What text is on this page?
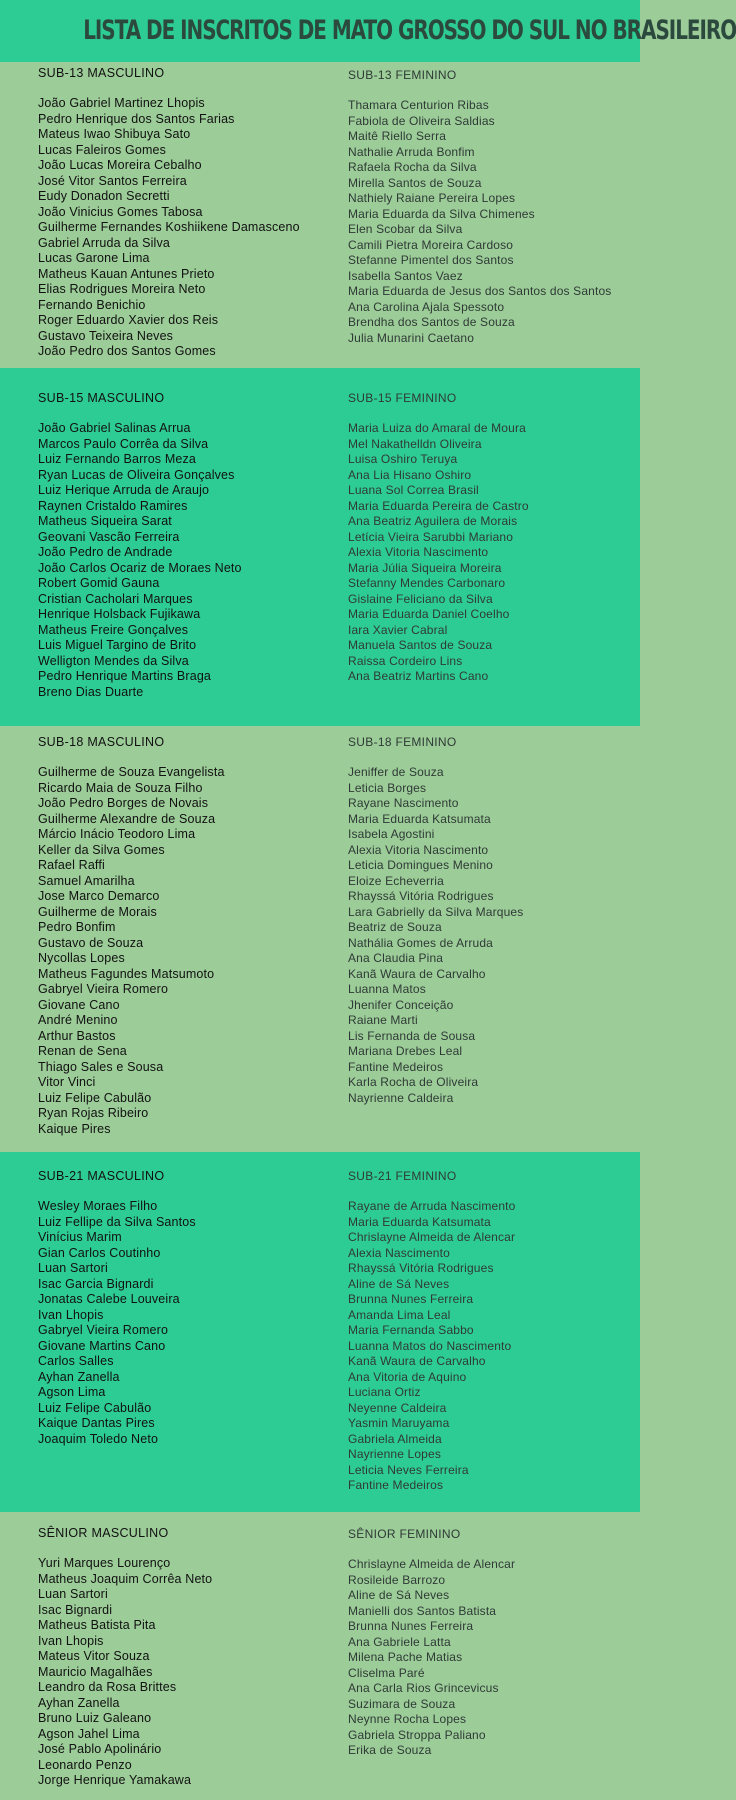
LISTA DE INSCRITOS DE MATO GROSSO DO SUL NO BRASILEIRO
SUB-13 MASCULINO
João Gabriel Martinez Lhopis
Pedro Henrique dos Santos Farias
Mateus Iwao Shibuya Sato
Lucas Faleiros Gomes
João Lucas Moreira Cebalho
José Vitor Santos Ferreira
Eudy Donadon Secretti
João Vinicius Gomes Tabosa
Guilherme Fernandes Koshiikene Damasceno
Gabriel Arruda da Silva
Lucas Garone Lima
Matheus Kauan Antunes Prieto
Elias Rodrigues Moreira Neto
Fernando Benichio
Roger Eduardo Xavier dos Reis
Gustavo Teixeira Neves
João Pedro dos Santos Gomes
SUB-13 FEMININO
Thamara Centurion Ribas
Fabiola de Oliveira Saldias
Maitê Riello Serra
Nathalie Arruda Bonfim
Rafaela Rocha da Silva
Mirella Santos de Souza
Nathiely Raiane Pereira Lopes
Maria Eduarda da Silva Chimenes
Elen Scobar da Silva
Camili Pietra Moreira Cardoso
Stefanne Pimentel dos Santos
Isabella Santos Vaez
Maria Eduarda de Jesus dos Santos dos Santos
Ana Carolina Ajala Spessoto
Brendha dos Santos de Souza
Julia Munarini Caetano
SUB-15 MASCULINO
João Gabriel Salinas Arrua
Marcos Paulo Corrêa da Silva
Luiz Fernando Barros Meza
Ryan Lucas de Oliveira Gonçalves
Luiz Herique Arruda de Araujo
Raynen Cristaldo Ramires
Matheus Siqueira Sarat
Geovani Vascão Ferreira
João Pedro de Andrade
João Carlos Ocariz de Moraes Neto
Robert Gomid Gauna
Cristian Cacholari Marques
Henrique Holsback Fujikawa
Matheus Freire Gonçalves
Luis Miguel Targino de Brito
Welligton Mendes da Silva
Pedro Henrique Martins Braga
Breno Dias Duarte
SUB-15 FEMININO
Maria Luiza do Amaral de Moura
Mel Nakathelldn Oliveira
Luisa Oshiro Teruya
Ana Lia Hisano Oshiro
Luana Sol Correa Brasil
Maria Eduarda Pereira de Castro
Ana Beatriz Aguilera de Morais
Letícia Vieira Sarubbi Mariano
Alexia Vitoria Nascimento
Maria Júlia Siqueira Moreira
Stefanny Mendes Carbonaro
Gislaine Feliciano da Silva
Maria Eduarda Daniel Coelho
Iara Xavier Cabral
Manuela Santos de Souza
Raissa Cordeiro Lins
Ana Beatriz Martins Cano
SUB-18 MASCULINO
Guilherme de Souza Evangelista
Ricardo Maia de Souza Filho
João Pedro Borges de Novais
Guilherme Alexandre de Souza
Márcio Inácio Teodoro Lima
Keller da Silva Gomes
Rafael Raffi
Samuel Amarilha
Jose Marco Demarco
Guilherme de Morais
Pedro Bonfim
Gustavo de Souza
Nycollas Lopes
Matheus Fagundes Matsumoto
Gabryel Vieira Romero
Giovane Cano
André Menino
Arthur Bastos
Renan de Sena
Thiago Sales e Sousa
Vitor Vinci
Luiz Felipe Cabulão
Ryan Rojas Ribeiro
Kaique Pires
SUB-18 FEMININO
Jeniffer de Souza
Leticia Borges
Rayane Nascimento
Maria Eduarda Katsumata
Isabela Agostini
Alexia Vitoria Nascimento
Leticia Domingues Menino
Eloize Echeverria
Rhayssá Vitória Rodrigues
Lara Gabrielly da Silva Marques
Beatriz de Souza
Nathália Gomes de Arruda
Ana Claudia Pina
Kanã Waura de Carvalho
Luanna Matos
Jhenifer Conceição
Raiane Marti
Lis Fernanda de Sousa
Mariana Drebes Leal
Fantine Medeiros
Karla Rocha de Oliveira
Nayrienne Caldeira
SUB-21 MASCULINO
Wesley Moraes Filho
Luiz Fellipe da Silva Santos
Vinícius Marim
Gian Carlos Coutinho
Luan Sartori
Isac Garcia Bignardi
Jonatas Calebe Louveira
Ivan Lhopis
Gabryel Vieira Romero
Giovane Martins Cano
Carlos Salles
Ayhan Zanella
Agson Lima
Luiz Felipe Cabulão
Kaique Dantas Pires
Joaquim Toledo Neto
SUB-21 FEMININO
Rayane de Arruda Nascimento
Maria Eduarda Katsumata
Chrislayne Almeida de Alencar
Alexia Nascimento
Rhayssá Vitória Rodrigues
Aline de Sá Neves
Brunna Nunes Ferreira
Amanda Lima Leal
Maria Fernanda Sabbo
Luanna Matos do Nascimento
Kanã Waura de Carvalho
Ana Vitoria de Aquino
Luciana Ortiz
Neyenne Caldeira
Yasmin Maruyama
Gabriela Almeida
Nayrienne Lopes
Leticia Neves Ferreira
Fantine Medeiros
SÊNIOR MASCULINO
Yuri Marques Lourenço
Matheus Joaquim Corrêa Neto
Luan Sartori
Isac Bignardi
Matheus Batista Pita
Ivan Lhopis
Mateus Vitor Souza
Mauricio Magalhães
Leandro da Rosa Brittes
Ayhan Zanella
Bruno Luiz Galeano
Agson Jahel Lima
José Pablo Apolinário
Leonardo Penzo
Jorge Henrique Yamakawa
SÊNIOR FEMININO
Chrislayne Almeida de Alencar
Rosileide Barrozo
Aline de Sá Neves
Manielli dos Santos Batista
Brunna Nunes Ferreira
Ana Gabriele Latta
Milena Pache Matias
Cliselma Paré
Ana Carla Rios Grincevicus
Suzimara de Souza
Neynne Rocha Lopes
Gabriela Stroppa Paliano
Erika de Souza
